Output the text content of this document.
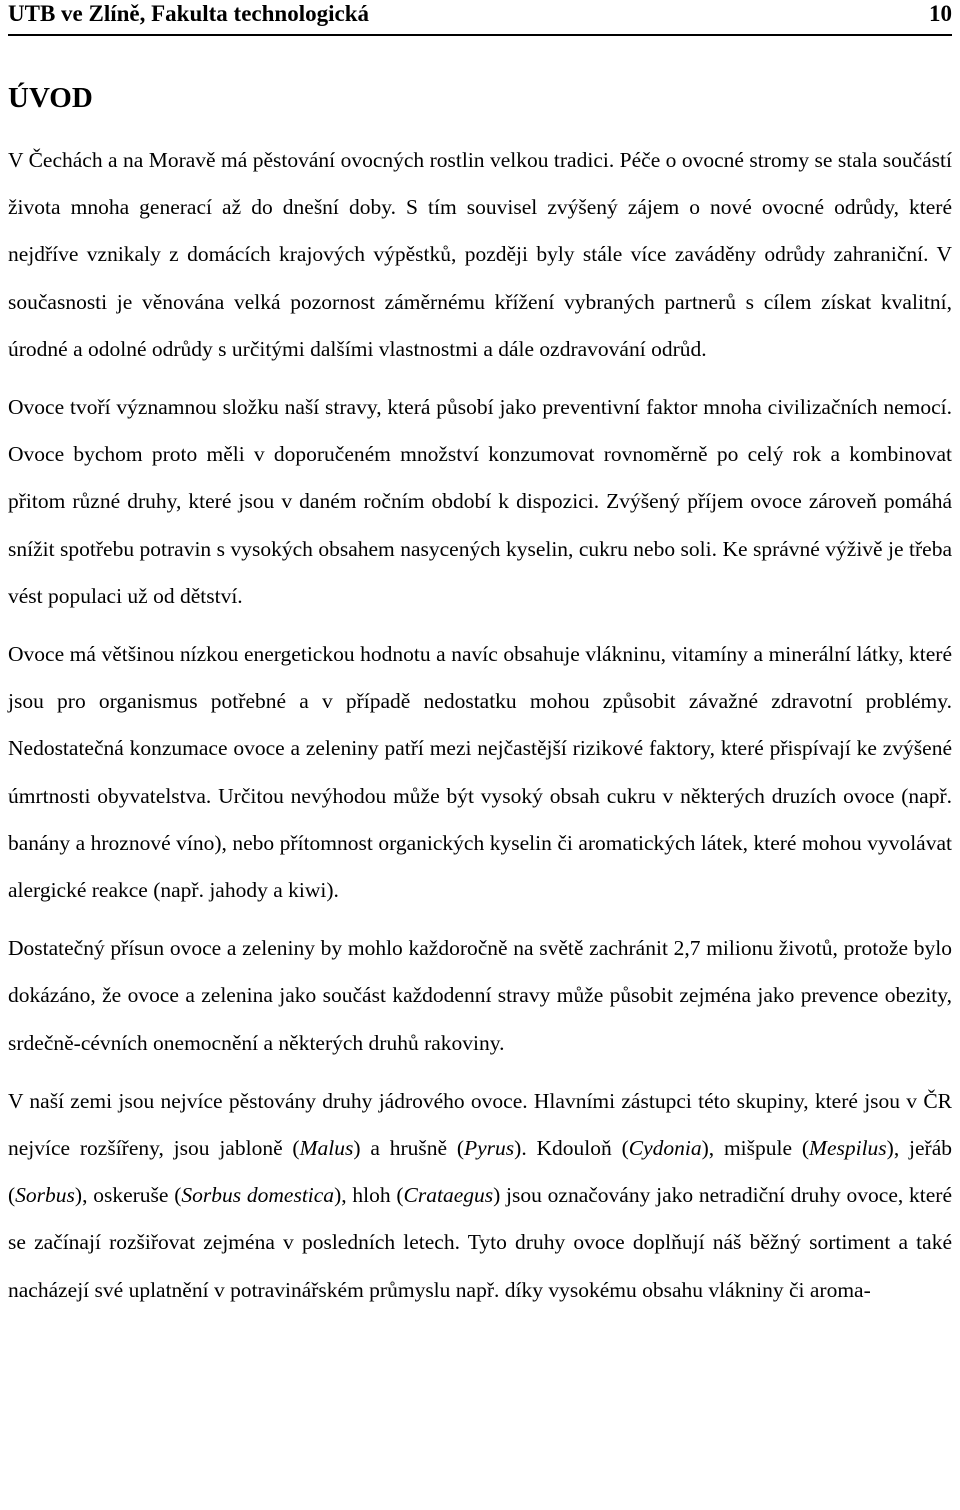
UTB ve Zlíně, Fakulta technologická	10
ÚVOD

V Čechách a na Moravě má pěstování ovocných rostlin velkou tradici. Péče o ovocné stromy se stala součástí života mnoha generací až do dnešní doby. S tím souvisel zvýšený zájem o nové ovocné odrůdy, které nejdříve vznikaly z domácích krajových výpěstků, později byly stále více zaváděny odrůdy zahraniční. V současnosti je věnována velká pozornost záměrnému křížení vybraných partnerů s cílem získat kvalitní, úrodné a odolné odrůdy s určitými dalšími vlastnostmi a dále ozdravování odrůd.

Ovoce tvoří významnou složku naší stravy, která působí jako preventivní faktor mnoha civilizačních nemocí. Ovoce bychom proto měli v doporučeném množství konzumovat rovnoměrně po celý rok a kombinovat přitom různé druhy, které jsou v daném ročním období k dispozici. Zvýšený příjem ovoce zároveň pomáhá snížit spotřebu potravin s vysokých obsahem nasycených kyselin, cukru nebo soli. Ke správné výživě je třeba vést populaci už od dětství.

Ovoce má většinou nízkou energetickou hodnotu a navíc obsahuje vlákninu, vitamíny a minerální látky, které jsou pro organismus potřebné a v případě nedostatku mohou způsobit závažné zdravotní problémy. Nedostatečná konzumace ovoce a zeleniny patří mezi nejčastější rizikové faktory, které přispívají ke zvýšené úmrtnosti obyvatelstva. Určitou nevýhodou může být vysoký obsah cukru v některých druzích ovoce (např. banány a hroznové víno), nebo přítomnost organických kyselin či aromatických látek, které mohou vyvolávat alergické reakce (např. jahody a kiwi).

Dostatečný přísun ovoce a zeleniny by mohlo každoročně na světě zachránit 2,7 milionu životů, protože bylo dokázáno, že ovoce a zelenina jako součást každodenní stravy může působit zejména jako prevence obezity, srdečně-cévních onemocnění a některých druhů rakoviny.

V naší zemi jsou nejvíce pěstovány druhy jádrového ovoce. Hlavními zástupci této skupiny, které jsou v ČR nejvíce rozšířeny, jsou jabloně (Malus) a hrušně (Pyrus). Kdouloň (Cydonia), mišpule (Mespilus), jeřáb (Sorbus), oskeruše (Sorbus domestica), hloh (Crataegus) jsou označovány jako netradiční druhy ovoce, které se začínají rozšiřovat zejména v posledních letech. Tyto druhy ovoce doplňují náš běžný sortiment a také nacházejí své uplatnění v potravinářském průmyslu např. díky vysokému obsahu vlákniny či aroma-
